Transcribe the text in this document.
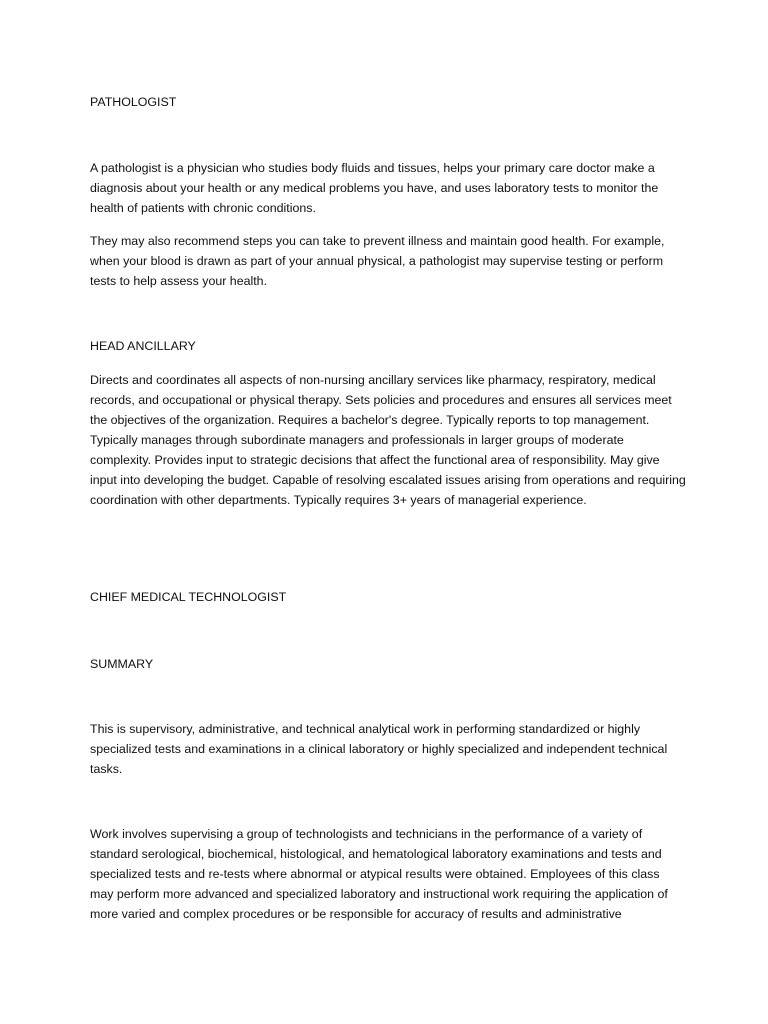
PATHOLOGIST

A pathologist is a physician who studies body fluids and tissues, helps your primary care doctor make a diagnosis about your health or any medical problems you have, and uses laboratory tests to monitor the health of patients with chronic conditions.

They may also recommend steps you can take to prevent illness and maintain good health. For example, when your blood is drawn as part of your annual physical, a pathologist may supervise testing or perform tests to help assess your health.

HEAD ANCILLARY

Directs and coordinates all aspects of non-nursing ancillary services like pharmacy, respiratory, medical records, and occupational or physical therapy. Sets policies and procedures and ensures all services meet the objectives of the organization. Requires a bachelor's degree. Typically reports to top management. Typically manages through subordinate managers and professionals in larger groups of moderate complexity. Provides input to strategic decisions that affect the functional area of responsibility. May give input into developing the budget. Capable of resolving escalated issues arising from operations and requiring coordination with other departments. Typically requires 3+ years of managerial experience.

CHIEF MEDICAL TECHNOLOGIST
SUMMARY

This is supervisory, administrative, and technical analytical work in performing standardized or highly specialized tests and examinations in a clinical laboratory or highly specialized and independent technical tasks.

Work involves supervising a group of technologists and technicians in the performance of a variety of standard serological, biochemical, histological, and hematological laboratory examinations and tests and specialized tests and re-tests where abnormal or atypical results were obtained. Employees of this class may perform more advanced and specialized laboratory and instructional work requiring the application of more varied and complex procedures or be responsible for accuracy of results and administrative
